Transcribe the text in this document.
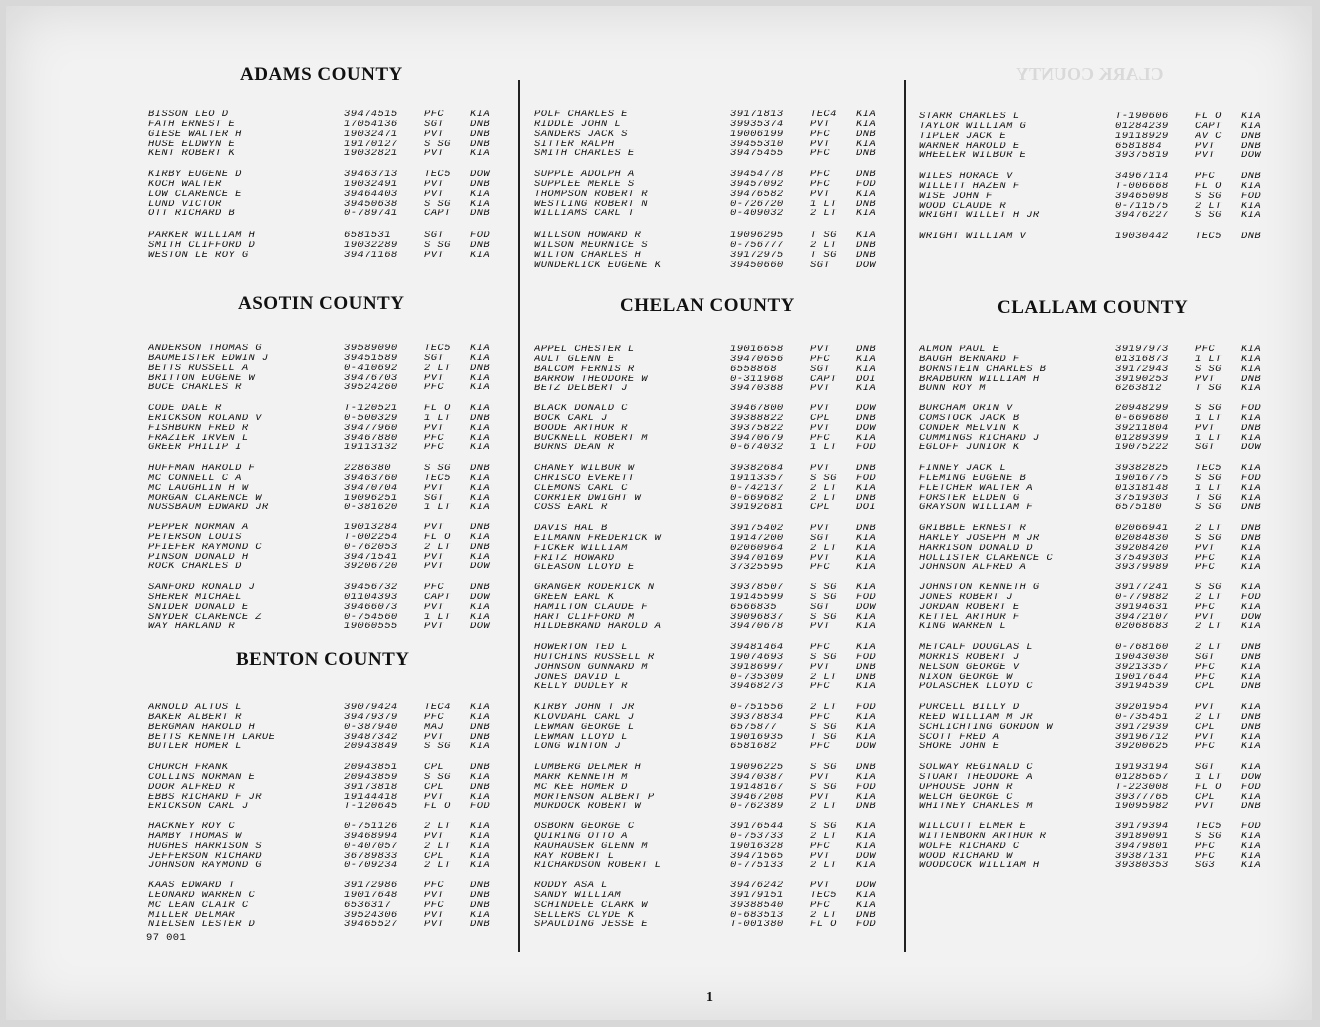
CLARK COUNTY
ADAMS COUNTY
BISSON LEO D	39474515	PFC	KIA
FATH ERNEST E	17054136	SGT	DNB
GIESE WALTER H	19032471	PVT	DNB
HUSE ELDWYN E	19170127	S SG	DNB
KENT ROBERT K	19032821	PVT	KIA
KIRBY EUGENE D	39463713	TEC5	DOW
KOCH WALTER	19032491	PVT	DNB
LOW CLARENCE E	39464403	PVT	KIA
LUND VICTOR	39450638	S SG	KIA
OTT RICHARD B	0-789741	CAPT	DNB
PARKER WILLIAM H	6581531	SGT	FOD
SMITH CLIFFORD D	19032289	S SG	DNB
WESTON LE ROY G	39471168	PVT	KIA
ASOTIN COUNTY
ANDERSON THOMAS G	39589090	TEC5	KIA
BAUMEISTER EDWIN J	39451589	SGT	KIA
BETTS RUSSELL A	0-410692	2 LT	DNB
BRITTON EUGENE W	39476703	PVT	KIA
BUCE CHARLES R	39524260	PFC	KIA
CODE DALE R	T-120521	FL O	KIA
ERICKSON ROLAND V	0-500329	1 LT	DNB
FISHBURN FRED R	39477960	PVT	KIA
FRAZIER IRVEN L	39467880	PFC	KIA
GREER PHILIP I	19113132	PFC	KIA
HUFFMAN HAROLD F	2286380	S SG	DNB
MC CONNELL C A	39463760	TEC5	KIA
MC LAUGHLIN H W	39470704	PVT	KIA
MORGAN CLARENCE W	19096251	SGT	KIA
NUSSBAUM EDWARD JR	0-381620	1 LT	KIA
PEPPER NORMAN A	19013284	PVT	DNB
PETERSON LOUIS	T-002254	FL O	KIA
PFIEFER RAYMOND C	0-762053	2 LT	DNB
PINSON DONALD H	39471541	PVT	KIA
ROCK CHARLES D	39206720	PVT	DOW
SANFORD RONALD J	39456732	PFC	DNB
SHERER MICHAEL	01104393	CAPT	DOW
SNIDER DONALD E	39466073	PVT	KIA
SNYDER CLARENCE Z	0-754560	1 LT	KIA
WAY HARLAND R	19060555	PVT	DOW
BENTON COUNTY
ARNOLD ALTUS L	39079424	TEC4	KIA
BAKER ALBERT R	39479379	PFC	KIA
BERGMAN HAROLD H	0-387940	MAJ	DNB
BETTS KENNETH LARUE	39487342	PVT	DNB
BUTLER HOMER L	20943849	S SG	KIA
CHURCH FRANK	20943851	CPL	DNB
COLLINS NORMAN E	20943859	S SG	KIA
DOOR ALFRED R	39173818	CPL	DNB
EBBS RICHARD F JR	19144418	PVT	KIA
ERICKSON CARL J	T-120645	FL O	FOD
HACKNEY ROY C	0-751126	2 LT	KIA
HAMBY THOMAS W	39468994	PVT	KIA
HUGHES HARRISON S	0-407057	2 LT	KIA
JEFFERSON RICHARD	36789833	CPL	KIA
JOHNSON RAYMOND G	0-709234	2 LT	KIA
KAAS EDWARD T	39172986	PFC	DNB
LEONARD WARREN C	19017648	PVT	DNB
MC LEAN CLAIR C	6536317	PFC	DNB
MILLER DELMAR	39524306	PVT	KIA
NIELSEN LESTER D	39465527	PVT	DNB
POLF CHARLES E	39171813	TEC4	KIA
RIDDLE JOHN L	39935374	PVT	KIA
SANDERS JACK S	19006199	PFC	DNB
SITTER RALPH	39455310	PVT	KIA
SMITH CHARLES E	39475455	PFC	DNB
SUPPLE ADOLPH A	39454778	PFC	DNB
SUPPLEE MERLE S	39457092	PFC	FOD
THOMPSON ROBERT R	39476582	PVT	KIA
WESTLING ROBERT N	0-726720	1 LT	DNB
WILLIAMS CARL T	0-409032	2 LT	KIA
WILLSON HOWARD R	19096295	T SG	KIA
WILSON MEURNICE S	0-756777	2 LT	DNB
WILTON CHARLES H	39172975	T SG	DNB
WUNDERLICK EUGENE K	39450660	SGT	DOW
CHELAN COUNTY
APPEL CHESTER L	19016658	PVT	DNB
AULT GLENN E	39470656	PFC	KIA
BALCOM FERNIS R	6558868	SGT	KIA
BARROW THEODORE W	0-311968	CAPT	DOI
BETZ DELBERT J	39470388	PVT	KIA
BLACK DONALD C	39467800	PVT	DOW
BOCK CARL J	39388822	CPL	DNB
BOODE ARTHUR R	39375822	PVT	DOW
BUCKNELL ROBERT M	39470679	PFC	KIA
BURNS DEAN R	0-674032	1 LT	FOD
CHANEY WILBUR W	39382684	PVT	DNB
CHRISCO EVERETT	19113357	S SG	FOD
CLEMONS CARL C	0-742137	2 LT	KIA
CORRIER DWIGHT W	0-669682	2 LT	DNB
COSS EARL R	39192681	CPL	DOI
DAVIS HAL B	39175402	PVT	DNB
EILMANN FREDERICK W	19147200	SGT	KIA
FICKER WILLIAM	02060964	2 LT	KIA
FRITZ HOWARD	39470169	PVT	KIA
GLEASON LLOYD E	37325595	PFC	KIA
GRANGER RODERICK N	39378507	S SG	KIA
GREEN EARL K	19145599	S SG	FOD
HAMILTON CLAUDE F	6566835	SGT	DOW
HART CLIFFORD M	39096837	S SG	KIA
HILDEBRAND HAROLD A	39470678	PVT	KIA
HOWERTON TED L	39481464	PFC	KIA
HUTCHINS RUSSELL R	19074693	S SG	FOD
JOHNSON GUNNARD M	39186997	PVT	DNB
JONES DAVID L	0-735309	2 LT	DNB
KELLY DUDLEY R	39468273	PFC	KIA
KIRBY JOHN T JR	0-751556	2 LT	FOD
KLOVDAHL CARL J	39378834	PFC	KIA
LEWMAN GEORGE L	6575877	S SG	KIA
LEWMAN LLOYD L	19016935	T SG	KIA
LONG WINTON J	6581682	PFC	DOW
LUMBERG DELMER H	19096225	S SG	DNB
MARR KENNETH M	39470387	PVT	KIA
MC KEE HOMER D	19148167	S SG	FOD
MORTENSON ALBERT P	39467208	PVT	KIA
MURDOCK ROBERT W	0-762389	2 LT	DNB
OSBORN GEORGE C	39176544	S SG	KIA
QUIRING OTTO A	0-753733	2 LT	KIA
RAUHAUSER GLENN M	19016328	PFC	KIA
RAY ROBERT L	39471565	PVT	DOW
RICHARDSON ROBERT L	0-775133	2 LT	KIA
RODDY ASA L	39476242	PVT	DOW
SANDY WILLIAM	39179151	TEC5	KIA
SCHINDELE CLARK W	39388540	PFC	KIA
SELLERS CLYDE K	0-683513	2 LT	DNB
SPAULDING JESSE E	T-001380	FL O	FOD
STARR CHARLES L	T-190606	FL O	KIA
TAYLOR WILLIAM G	01284239	CAPT	KIA
TIPLER JACK E	19118929	AV C	DNB
WARNER HAROLD E	6581884	PVT	DNB
WHEELER WILBUR E	39375819	PVT	DOW
WILES HORACE V	34967114	PFC	DNB
WILLETT HAZEN F	T-006668	FL O	KIA
WISE JOHN F	39465098	S SG	FOD
WOOD CLAUDE R	0-711575	2 LT	KIA
WRIGHT WILLET H JR	39476227	S SG	KIA
WRIGHT WILLIAM V	19030442	TEC5	DNB
CLALLAM COUNTY
ALMON PAUL E	39197973	PFC	KIA
BAUGH BERNARD F	01316873	1 LT	KIA
BORNSTEIN CHARLES B	39172943	S SG	KIA
BRADBURN WILLIAM H	39190253	PVT	DNB
BUNN ROY M	6263812	T SG	KIA
BURCHAM ORIN V	20948299	S SG	FOD
COMSTOCK JACK B	0-669680	1 LT	KIA
CONDER MELVIN K	39211804	PVT	DNB
CUMMINGS RICHARD J	01289399	1 LT	KIA
EGLOFF JUNIOR K	19075222	SGT	DOW
FINNEY JACK L	39382825	TEC5	KIA
FLEMING EUGENE B	19016775	S SG	FOD
FLETCHER WALTER A	01318148	1 LT	KIA
FORSTER ELDEN G	37519303	T SG	KIA
GRAYSON WILLIAM F	6575180	S SG	DNB
GRIBBLE ERNEST R	02066941	2 LT	DNB
HARLEY JOSEPH M JR	02084830	S SG	DNB
HARRISON DONALD D	39208420	PVT	KIA
HOLLISTER CLARENCE C	37549303	PFC	KIA
JOHNSON ALFRED A	39379989	PFC	KIA
JOHNSTON KENNETH G	39177241	S SG	KIA
JONES ROBERT J	0-779882	2 LT	FOD
JORDAN ROBERT E	39194631	PFC	KIA
KETTEL ARTHUR F	39472107	PVT	DOW
KING WARREN L	02068683	2 LT	KIA
METCALF DOUGLAS L	0-768160	2 LT	DNB
MORRIS ROBERT J	19043030	SGT	DNB
NELSON GEORGE V	39213357	PFC	KIA
NIXON GEORGE W	19017644	PFC	KIA
POLASCHEK LLOYD C	39194539	CPL	DNB
PURCELL BILLY D	39201954	PVT	KIA
REED WILLIAM M JR	0-735451	2 LT	DNB
SCHLICHTING GORDON W	39172939	CPL	DNB
SCOTT FRED A	39196712	PVT	KIA
SHORE JOHN E	39200625	PFC	KIA
SOLWAY REGINALD C	19193194	SGT	KIA
STUART THEODORE A	01285657	1 LT	DOW
UPHOUSE JOHN R	T-223008	FL O	FOD
WELCH GEORGE C	39377765	CPL	KIA
WHITNEY CHARLES M	19095982	PVT	DNB
WILLCUTT ELMER E	39179394	TEC5	FOD
WITTENBORN ARTHUR R	39189091	S SG	KIA
WOLFE RICHARD C	39479801	PFC	KIA
WOOD RICHARD W	39387131	PFC	KIA
WOODCOCK WILLIAM H	39380353	SG3	KIA
97 001
1
